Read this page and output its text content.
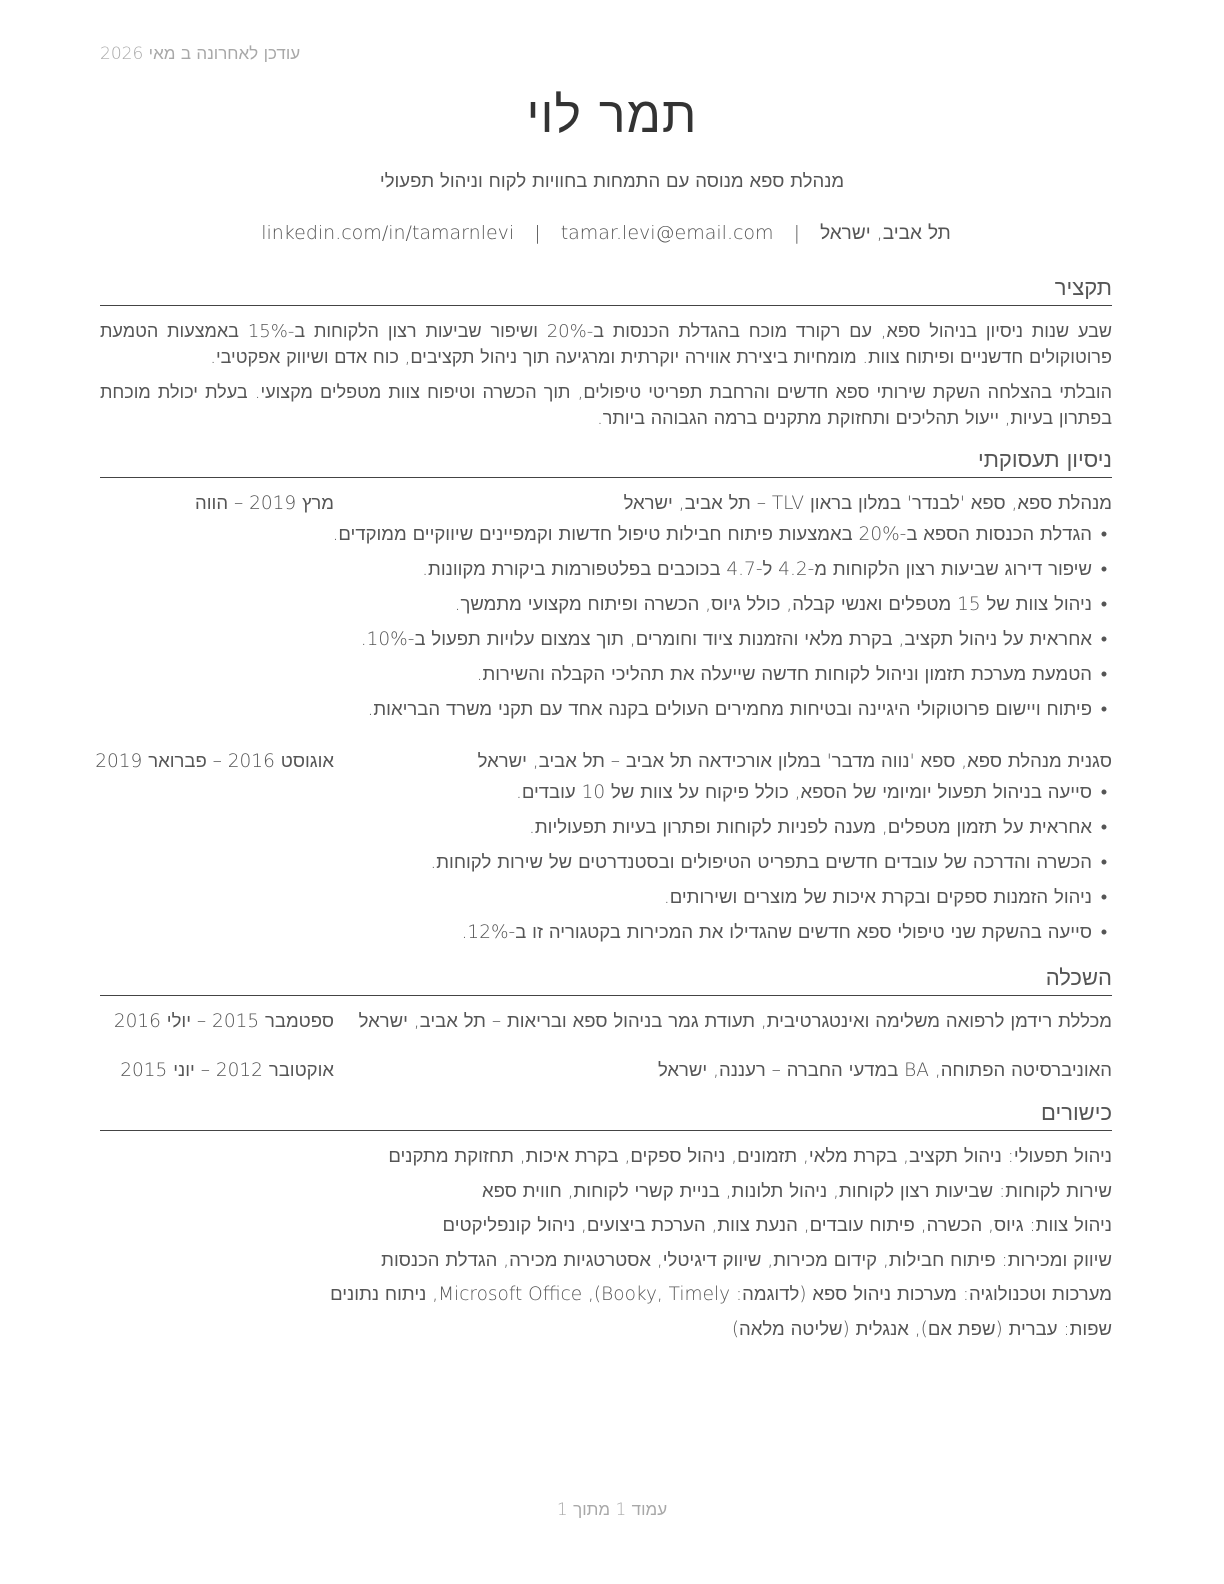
עודכן לאחרונה ב מאי 2026
תמר לוי
מנהלת ספא מנוסה עם התמחות בחוויות לקוח וניהול תפעולי
תל אביב, ישראל | tamar.levi@email.com | linkedin.com/in/tamarnlevi
תקציר
שבע שנות ניסיון בניהול ספא, עם רקורד מוכח בהגדלת הכנסות ב-20% ושיפור שביעות רצון הלקוחות ב-15% באמצעות הטמעת פרוטוקולים חדשניים ופיתוח צוות. מומחיות ביצירת אווירה יוקרתית ומרגיעה תוך ניהול תקציבים, כוח אדם ושיווק אפקטיבי.
הובלתי בהצלחה השקת שירותי ספא חדשים והרחבת תפריטי טיפולים, תוך הכשרה וטיפוח צוות מטפלים מקצועי. בעלת יכולת מוכחת בפתרון בעיות, ייעול תהליכים ותחזוקת מתקנים ברמה הגבוהה ביותר.
ניסיון תעסוקתי
מנהלת ספא, ספא 'לבנדר' במלון בראון TLV – תל אביב, ישראל
מרץ 2019 – הווה
•הגדלת הכנסות הספא ב-20% באמצעות פיתוח חבילות טיפול חדשות וקמפיינים שיווקיים ממוקדים.
•שיפור דירוג שביעות רצון הלקוחות מ-4.2 ל-4.7 בכוכבים בפלטפורמות ביקורת מקוונות.
•ניהול צוות של 15 מטפלים ואנשי קבלה, כולל גיוס, הכשרה ופיתוח מקצועי מתמשך.
•אחראית על ניהול תקציב, בקרת מלאי והזמנות ציוד וחומרים, תוך צמצום עלויות תפעול ב-10%.
•הטמעת מערכת תזמון וניהול לקוחות חדשה שייעלה את תהליכי הקבלה והשירות.
•פיתוח ויישום פרוטוקולי היגיינה ובטיחות מחמירים העולים בקנה אחד עם תקני משרד הבריאות.
סגנית מנהלת ספא, ספא 'נווה מדבר' במלון אורכידאה תל אביב – תל אביב, ישראל
אוגוסט 2016 – פברואר 2019
•סייעה בניהול תפעול יומיומי של הספא, כולל פיקוח על צוות של 10 עובדים.
•אחראית על תזמון מטפלים, מענה לפניות לקוחות ופתרון בעיות תפעוליות.
•הכשרה והדרכה של עובדים חדשים בתפריט הטיפולים ובסטנדרטים של שירות לקוחות.
•ניהול הזמנות ספקים ובקרת איכות של מוצרים ושירותים.
•סייעה בהשקת שני טיפולי ספא חדשים שהגדילו את המכירות בקטגוריה זו ב-12%.
השכלה
מכללת רידמן לרפואה משלימה ואינטגרטיבית, תעודת גמר בניהול ספא ובריאות – תל אביב, ישראל
ספטמבר 2015 – יולי 2016
האוניברסיטה הפתוחה, BA במדעי החברה – רעננה, ישראל
אוקטובר 2012 – יוני 2015
כישורים
ניהול תפעולי: ניהול תקציב, בקרת מלאי, תזמונים, ניהול ספקים, בקרת איכות, תחזוקת מתקנים
שירות לקוחות: שביעות רצון לקוחות, ניהול תלונות, בניית קשרי לקוחות, חווית ספא
ניהול צוות: גיוס, הכשרה, פיתוח עובדים, הנעת צוות, הערכת ביצועים, ניהול קונפליקטים
שיווק ומכירות: פיתוח חבילות, קידום מכירות, שיווק דיגיטלי, אסטרטגיות מכירה, הגדלת הכנסות
מערכות וטכנולוגיה: מערכות ניהול ספא (לדוגמה: Booky, Timely), Microsoft Office, ניתוח נתונים
שפות: עברית (שפת אם), אנגלית (שליטה מלאה)
עמוד 1 מתוך 1
